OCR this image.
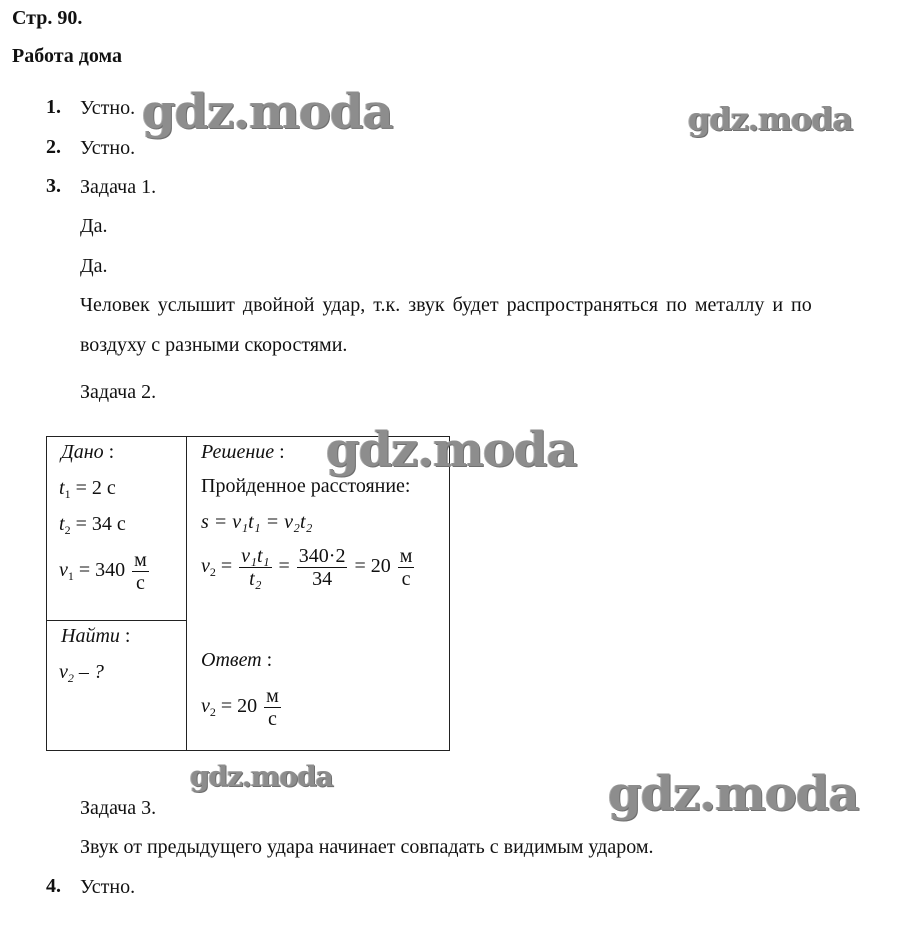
Стр. 90.
Работа дома
1. Устно.
2. Устно.
3. Задача 1.
Да.
Да.
Человек услышит двойной удар, т.к. звук будет распространяться по металлу и по
воздуху с разными скоростями.
Задача 2.
Дано :
$t_1 = 2$ с
$t_2 = 34$ с
$v_1 = 340 \frac{м}{с}$

Решение :
Пройденное расстояние:
s = v₁t₁ = v₂t₂
$v_2 = \frac{\text{v₁t₁}}{\text{t₂}} = \frac{340\cdot 2}{34} = 20 \frac{м}{с}$
Ответ :
$v_2 = 20 \frac{м}{с}$

Найти :
$v_2$ – ?
Задача 3.
Звук от предыдущего удара начинает совпадать с видимым ударом.
4. Устно.
gdz.moda	gdz.moda
gdz.moda
gdz.moda	gdz.moda
